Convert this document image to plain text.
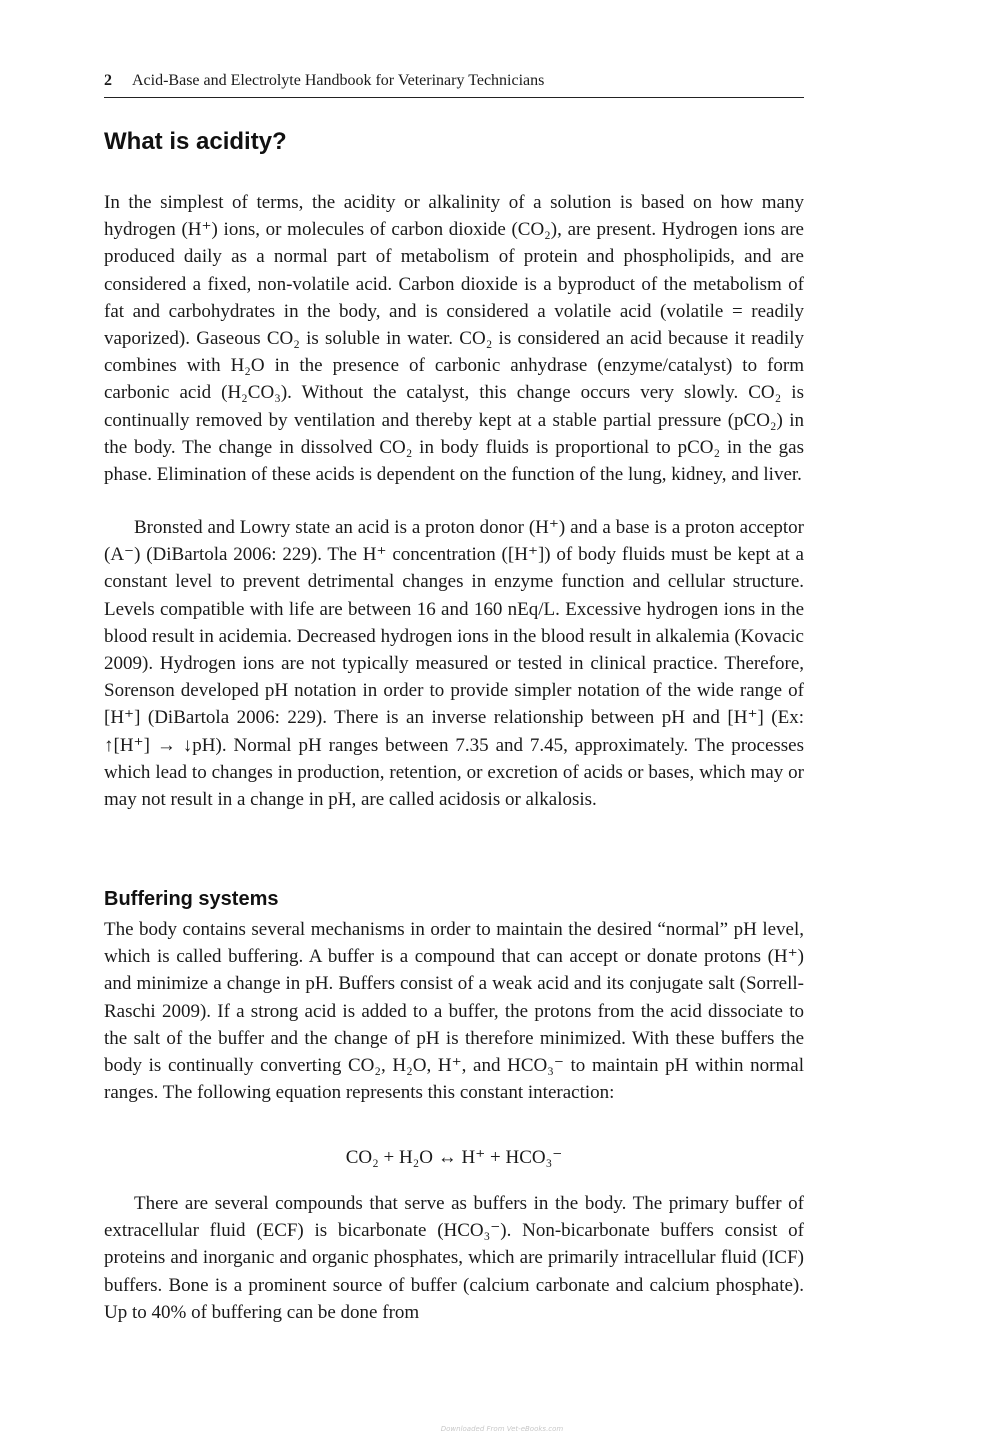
2 Acid-Base and Electrolyte Handbook for Veterinary Technicians
What is acidity?

In the simplest of terms, the acidity or alkalinity of a solution is based on how many hydrogen (H⁺) ions, or molecules of carbon dioxide (CO₂), are present. Hydrogen ions are produced daily as a normal part of metabolism of protein and phospholipids, and are considered a fixed, non-volatile acid. Carbon dioxide is a byproduct of the metabolism of fat and carbohydrates in the body, and is considered a volatile acid (volatile = readily vaporized). Gaseous CO₂ is soluble in water. CO₂ is considered an acid because it readily combines with H₂O in the presence of carbonic anhydrase (enzyme/catalyst) to form carbonic acid (H₂CO₃). Without the catalyst, this change occurs very slowly. CO₂ is continually removed by ventilation and thereby kept at a stable partial pressure (pCO₂) in the body. The change in dissolved CO₂ in body fluids is proportional to pCO₂ in the gas phase. Elimination of these acids is dependent on the function of the lung, kidney, and liver.

Bronsted and Lowry state an acid is a proton donor (H⁺) and a base is a proton acceptor (A⁻) (DiBartola 2006: 229). The H⁺ concentration ([H⁺]) of body fluids must be kept at a constant level to prevent detrimental changes in enzyme function and cellular structure. Levels compatible with life are between 16 and 160 nEq/L. Excessive hydrogen ions in the blood result in acidemia. Decreased hydrogen ions in the blood result in alkalemia (Kovacic 2009). Hydrogen ions are not typically measured or tested in clinical practice. Therefore, Sorenson developed pH notation in order to provide simpler notation of the wide range of [H⁺] (DiBartola 2006: 229). There is an inverse relationship between pH and [H⁺] (Ex: ↑[H⁺] → ↓pH). Normal pH ranges between 7.35 and 7.45, approximately. The processes which lead to changes in production, retention, or excretion of acids or bases, which may or may not result in a change in pH, are called acidosis or alkalosis.

Buffering systems

The body contains several mechanisms in order to maintain the desired “normal” pH level, which is called buffering. A buffer is a compound that can accept or donate protons (H⁺) and minimize a change in pH. Buffers consist of a weak acid and its conjugate salt (Sorrell-Raschi 2009). If a strong acid is added to a buffer, the protons from the acid dissociate to the salt of the buffer and the change of pH is therefore minimized. With these buffers the body is continually converting CO₂, H₂O, H⁺, and HCO₃⁻ to maintain pH within normal ranges. The following equation represents this constant interaction:

CO₂ + H₂O ↔ H⁺ + HCO₃⁻

There are several compounds that serve as buffers in the body. The primary buffer of extracellular fluid (ECF) is bicarbonate (HCO₃⁻). Non-bicarbonate buffers consist of proteins and inorganic and organic phosphates, which are primarily intracellular fluid (ICF) buffers. Bone is a prominent source of buffer (calcium carbonate and calcium phosphate). Up to 40% of buffering can be done from

Downloaded From Vet-eBooks.com
